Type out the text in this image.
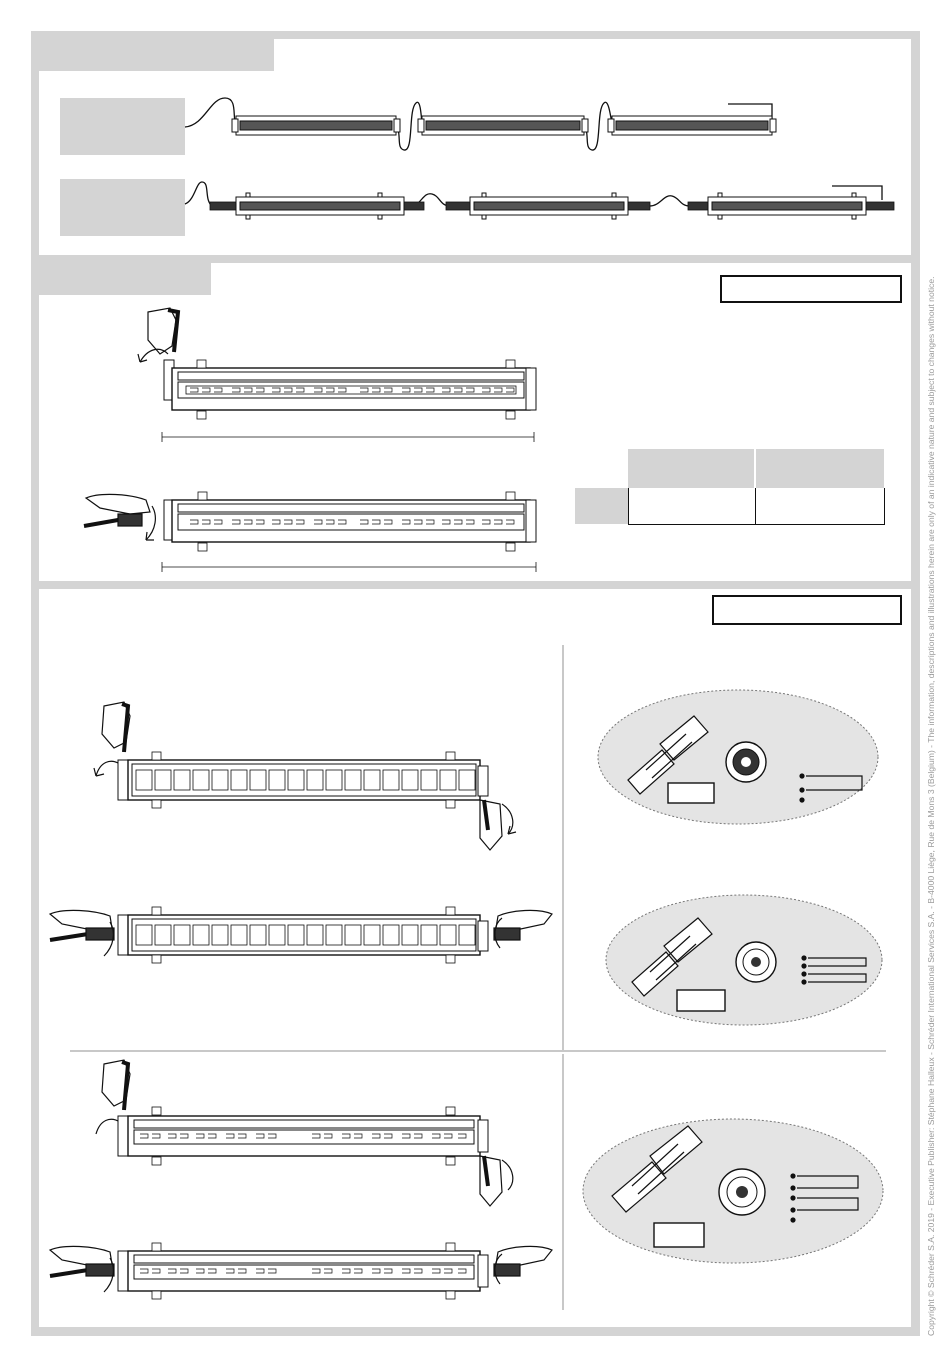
Copyright © Schréder S.A. 2019 - Executive Publisher: Stéphane Halleux - Schréder International Services S.A. - B-4000 Liège, Rue de Mons 3 (Belgium) - The information, descriptions and illustrations herein are only of an indicative nature and subject to changes without notice.
